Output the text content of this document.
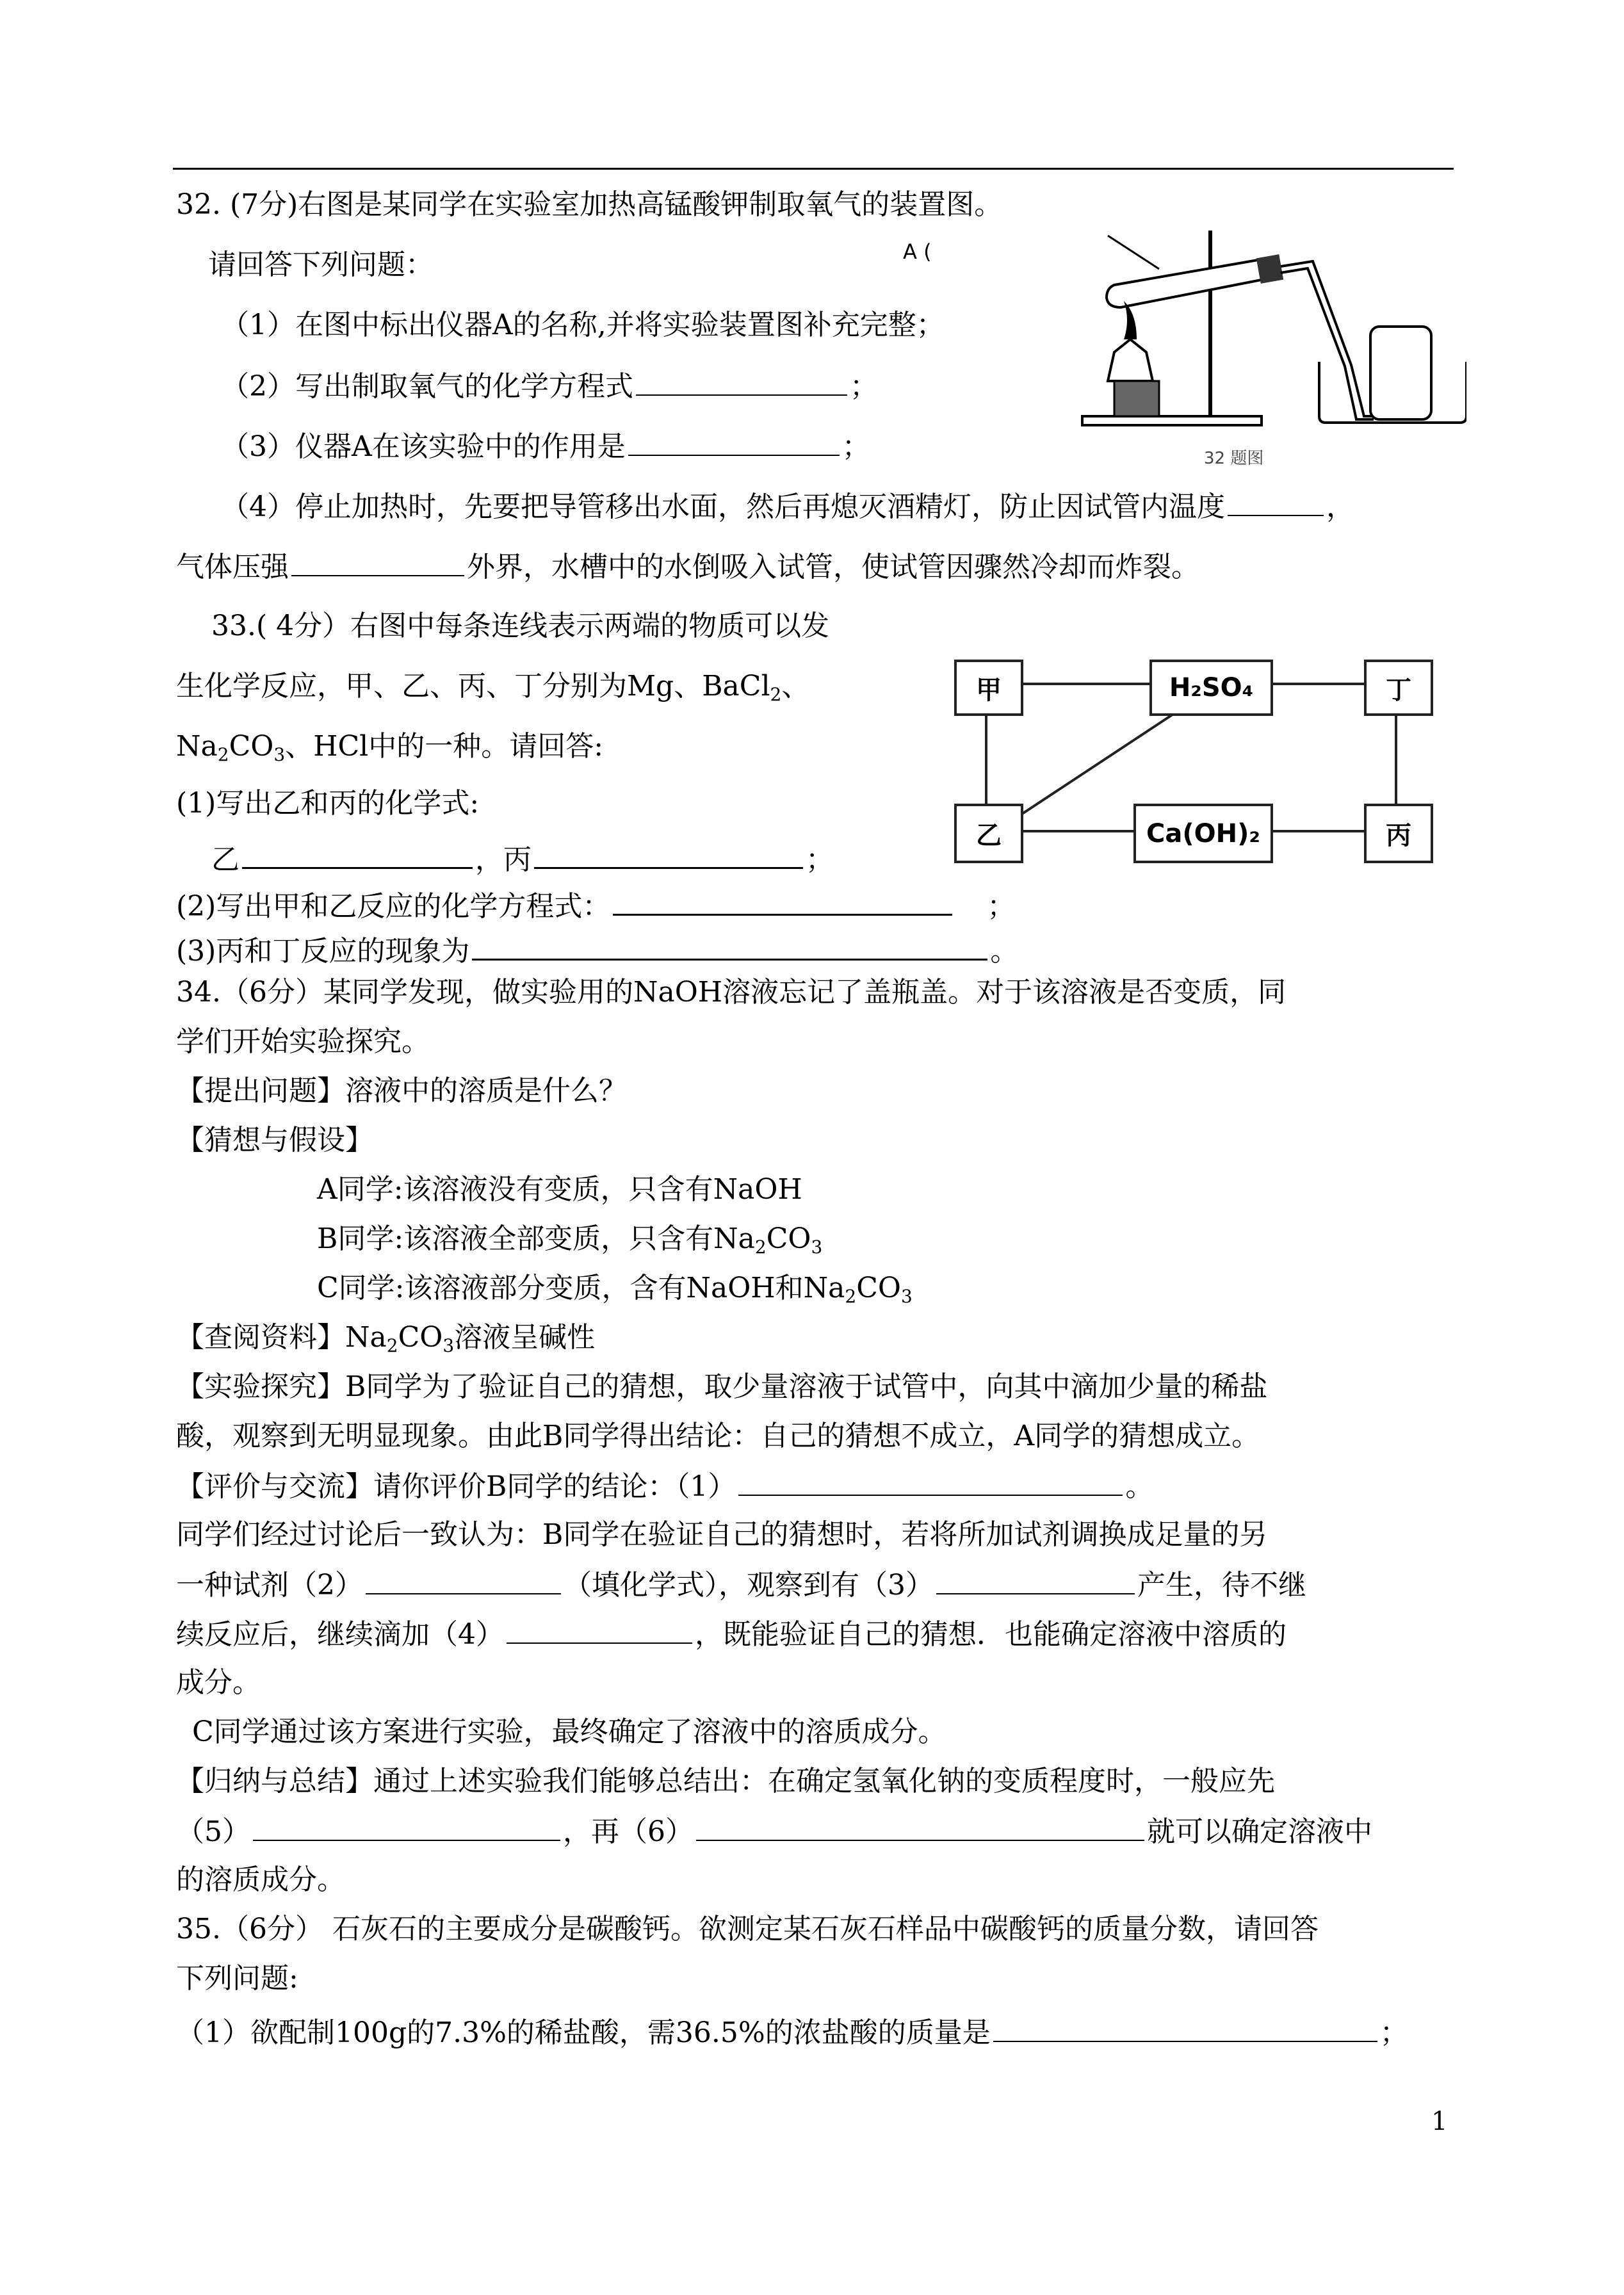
32. (7分)右图是某同学在实验室加热高锰酸钾制取氧气的装置图。
请回答下列问题：
（1）在图中标出仪器A的名称,并将实验装置图补充完整；
（2）写出制取氧气的化学方程式	；
（3）仪器A在该实验中的作用是	；
（4）停止加热时，先要把导管移出水面，然后再熄灭酒精灯，防止因试管内温度	，
气体压强	外界，水槽中的水倒吸入试管，使试管因骤然冷却而炸裂。
A (
32 题图
33.( 4分）右图中每条连线表示两端的物质可以发
生化学反应，甲、乙、丙、丁分别为Mg、BaCl$_2$、
$Na_2CO_3$、HCl中的一种。请回答:
(1)写出乙和丙的化学式:
乙	，丙	；
(2)写出甲和乙反应的化学方程式：	；
(3)丙和丁反应的现象为	。
甲	H₂SO₄	丁
乙	Ca(OH)₂	丙
34.（6分）某同学发现，做实验用的NaOH溶液忘记了盖瓶盖。对于该溶液是否变质，同
学们开始实验探究。
【提出问题】溶液中的溶质是什么？
【猜想与假设】
A同学:该溶液没有变质，只含有NaOH
B同学:该溶液全部变质，只含有$Na_2CO_3$
C同学:该溶液部分变质，含有NaOH和$Na_2CO_3$
【查阅资料】$Na_2CO_3$溶液呈碱性
【实验探究】B同学为了验证自己的猜想，取少量溶液于试管中，向其中滴加少量的稀盐
酸，观察到无明显现象。由此B同学得出结论：自己的猜想不成立，A同学的猜想成立。
【评价与交流】请你评价B同学的结论：（1）	。
同学们经过讨论后一致认为：B同学在验证自己的猜想时，若将所加试剂调换成足量的另
一种试剂（2）	（填化学式），观察到有（3）	产生，待不继
续反应后，继续滴加（4）	，既能验证自己的猜想．也能确定溶液中溶质的
成分。
C同学通过该方案进行实验，最终确定了溶液中的溶质成分。
【归纳与总结】通过上述实验我们能够总结出：在确定氢氧化钠的变质程度时，一般应先
（5）	，再（6）	就可以确定溶液中
的溶质成分。
35.（6分） 石灰石的主要成分是碳酸钙。欲测定某石灰石样品中碳酸钙的质量分数，请回答
下列问题:
（1）欲配制100g的7.3%的稀盐酸，需36.5%的浓盐酸的质量是	；
1
